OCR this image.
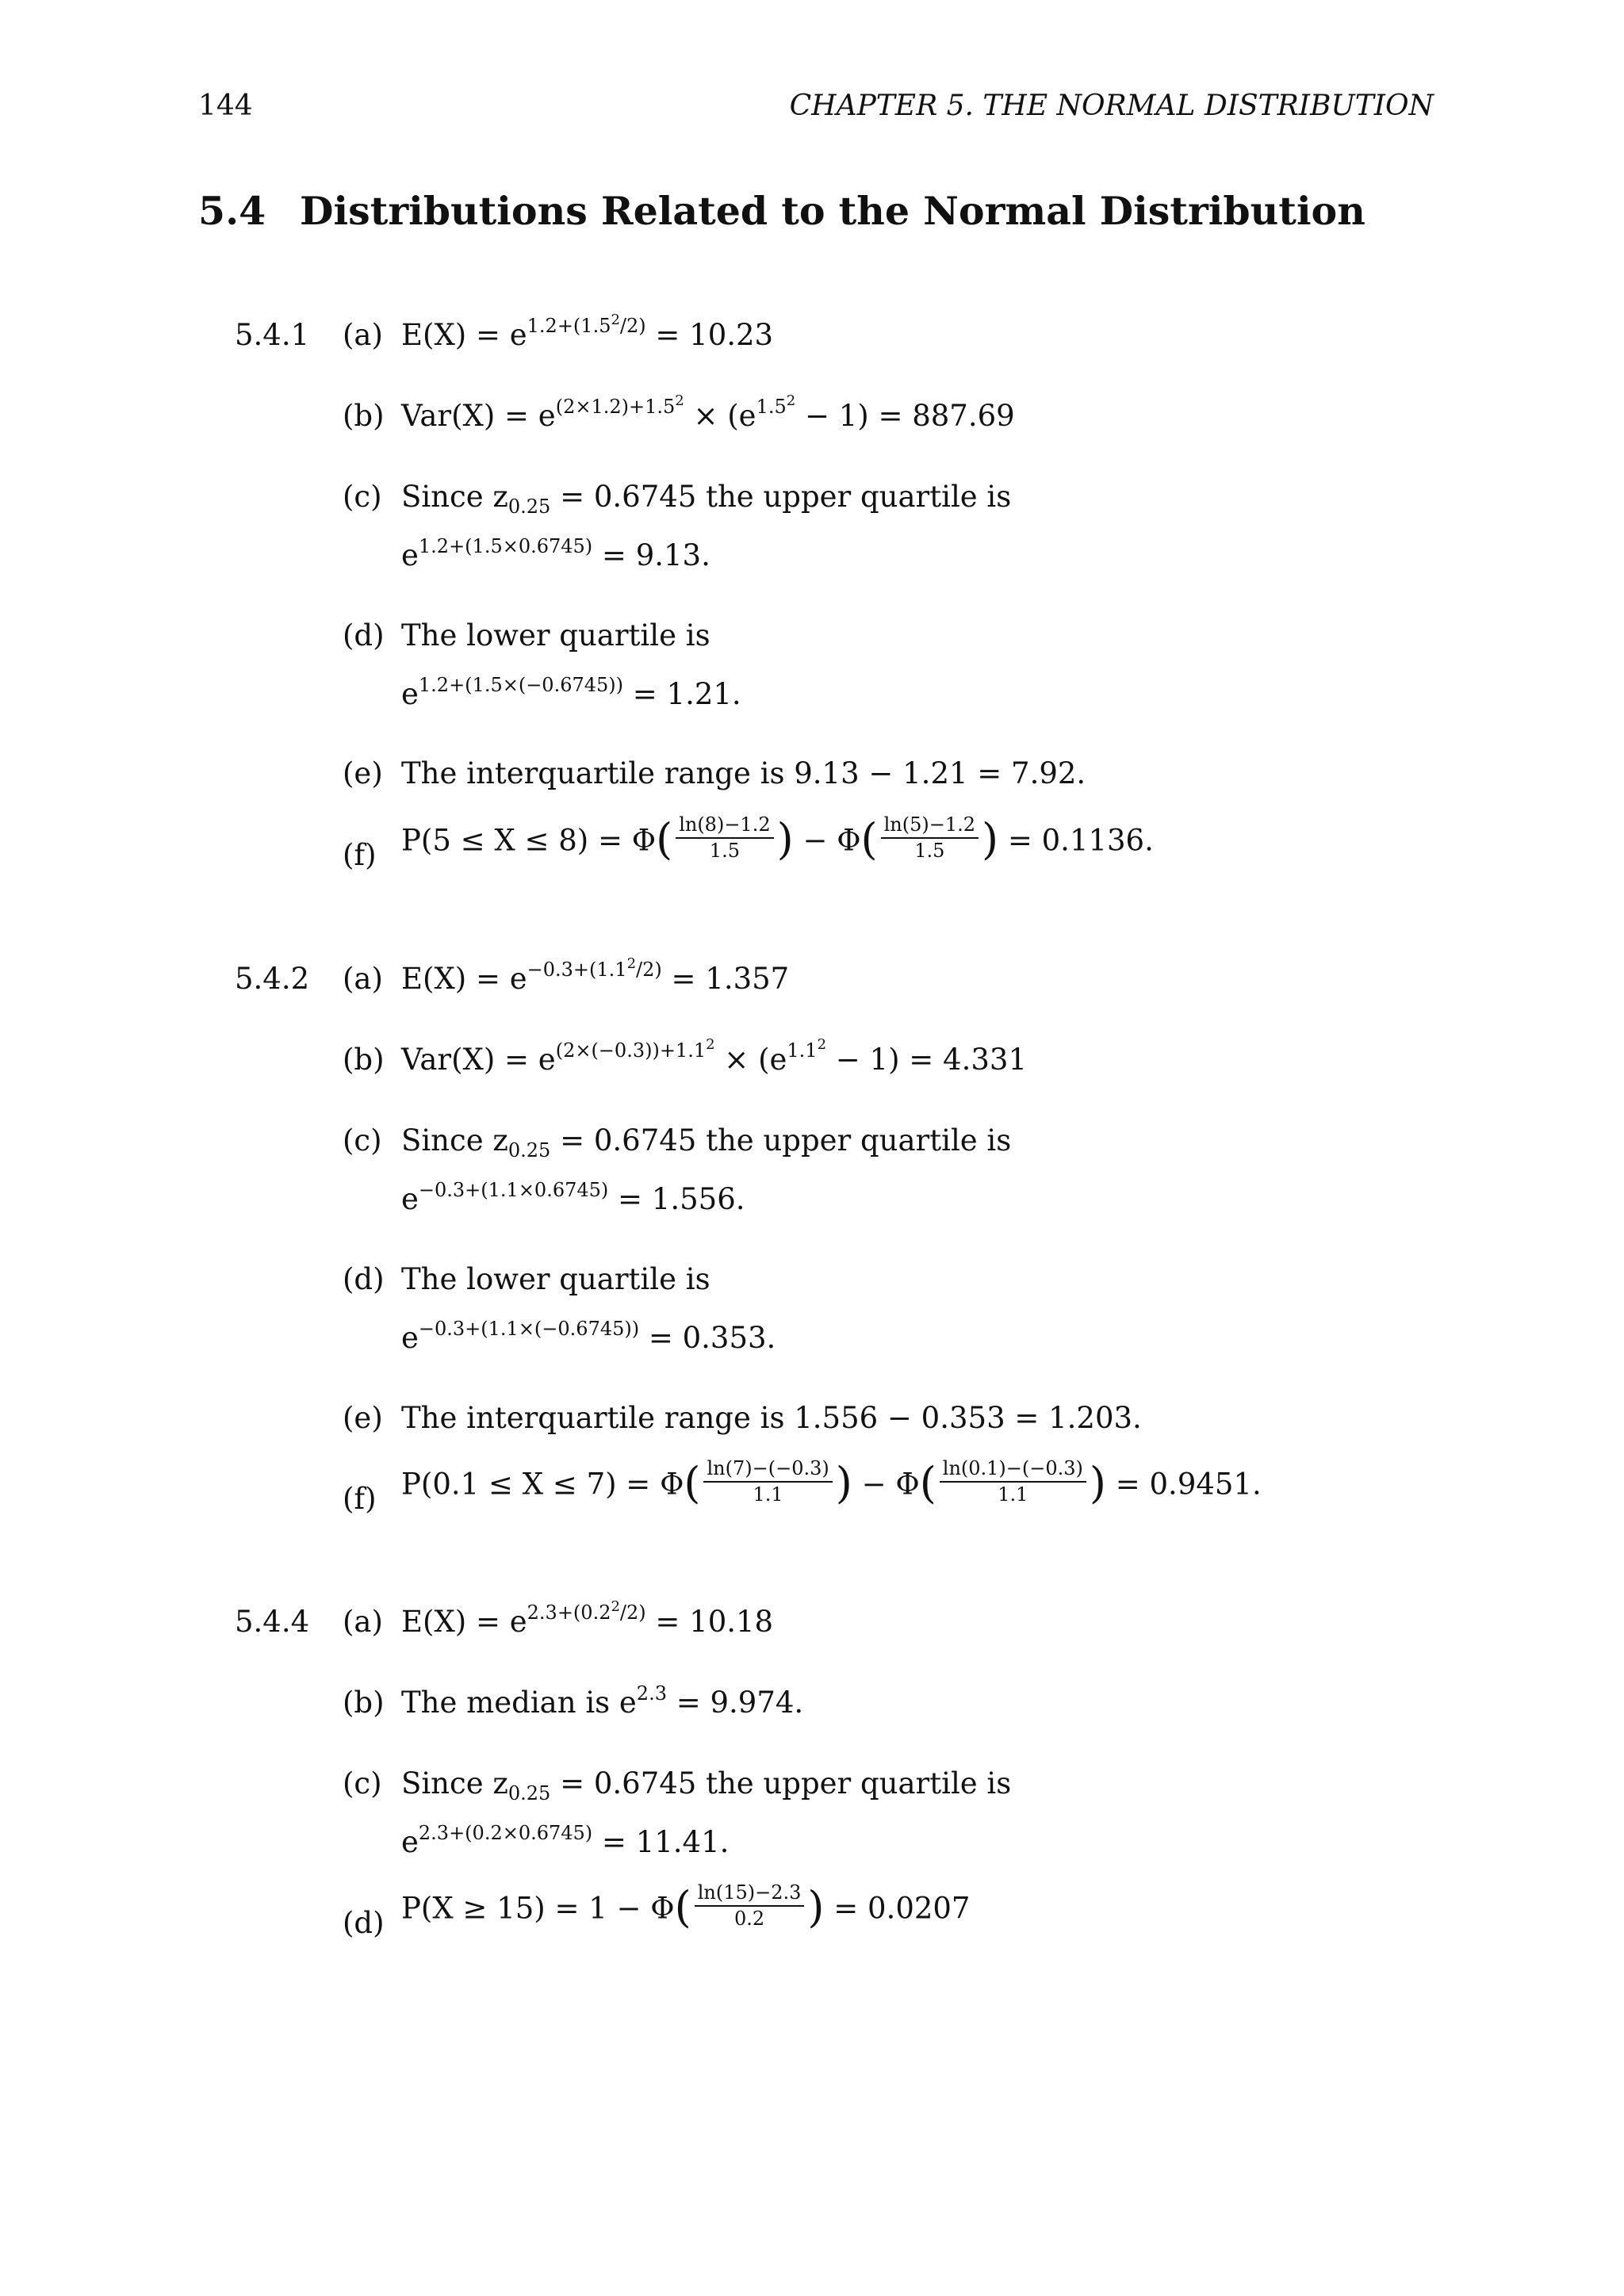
144	CHAPTER 5. THE NORMAL DISTRIBUTION
5.4 Distributions Related to the Normal Distribution
5.4.1 (a) $E(X) = e^{1.2+(1.5^2/2)} = 10.23$
(b) $Var(X) = e^{(2\times 1.2)+1.5^2} \times (e^{1.5^2} - 1) = 887.69$
(c) Since $z_{0.25} = 0.6745$ the upper quartile is
$e^{1.2+(1.5\times 0.6745)} = 9.13$.
(d) The lower quartile is
$e^{1.2+(1.5\times(-0.6745))} = 1.21$.
(e) The interquartile range is 9.13 − 1.21 = 7.92.
(f) $P(5 \le X \le 8) = \Phi( \frac{\ln(8)-1.2}{1.5}$ ) − $\Phi( \frac{\ln(5)-1.2}{1.5}$ ) = 0.1136.
5.4.2 (a) $E(X) = e^{-0.3+(1.1^2/2)} = 1.357$
(b) $Var(X) = e^{(2\times(-0.3))+1.1^2} \times (e^{1.1^2} - 1) = 4.331$
(c) Since $z_{0.25} = 0.6745$ the upper quartile is
$e^{-0.3+(1.1\times 0.6745)} = 1.556$.
(d) The lower quartile is
$e^{-0.3+(1.1\times(-0.6745))} = 0.353$.
(e) The interquartile range is 1.556 − 0.353 = 1.203.
(f) $P(0.1 \le X \le 7) = \Phi( \frac{\ln(7)-(-0.3)}{1.1}$ ) − $\Phi( \frac{\ln(0.1)-(-0.3)}{1.1}$ ) = 0.9451.
5.4.4 (a) $E(X) = e^{2.3+(0.2^2/2)} = 10.18$
(b) The median is $e^{2.3} = 9.974$.
(c) Since $z_{0.25} = 0.6745$ the upper quartile is
$e^{2.3+(0.2\times 0.6745)} = 11.41$.
(d) $P(X \ge 15) = 1 - \Phi( \frac{\ln(15)-2.3}{0.2}$ ) = 0.0207
